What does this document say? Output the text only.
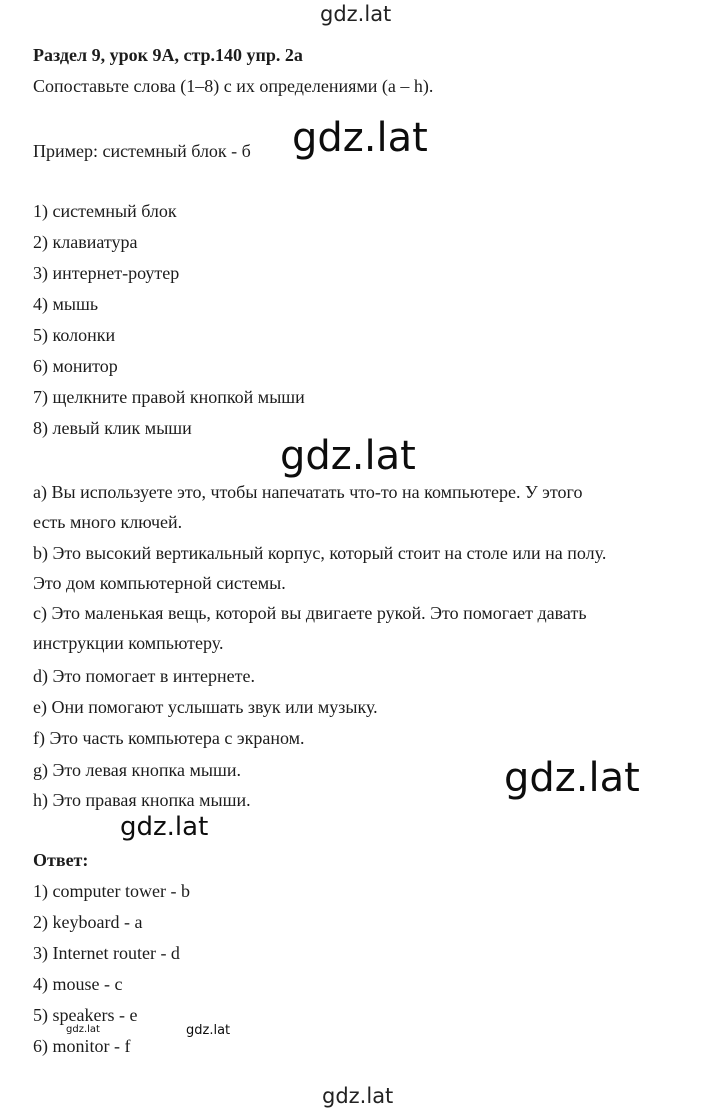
gdz.lat
Раздел 9, урок 9А, стр.140 упр. 2а
Сопоставьте слова (1–8) с их определениями (а – h).
Пример: системный блок - б gdz.lat
1) системный блок
2) клавиатура
3) интернет-роутер
4) мышь
5) колонки
6) монитор
7) щелкните правой кнопкой мыши
8) левый клик мыши
gdz.lat
a) Вы используете это, чтобы напечатать что-то на компьютере. У этого
есть много ключей.
b) Это высокий вертикальный корпус, который стоит на столе или на полу.
Это дом компьютерной системы.
c) Это маленькая вещь, которой вы двигаете рукой. Это помогает давать
инструкции компьютеру.
d) Это помогает в интернете.
e) Они помогают услышать звук или музыку.
f) Это часть компьютера с экраном.
g) Это левая кнопка мыши.
h) Это правая кнопка мыши.	gdz.lat
gdz.lat
Ответ:
1) computer tower - b
2) keyboard - a
3) Internet router - d
4) mouse - c
5) speakers - e
6) monitor - f
gdz.lat	gdz.lat
gdz.lat
